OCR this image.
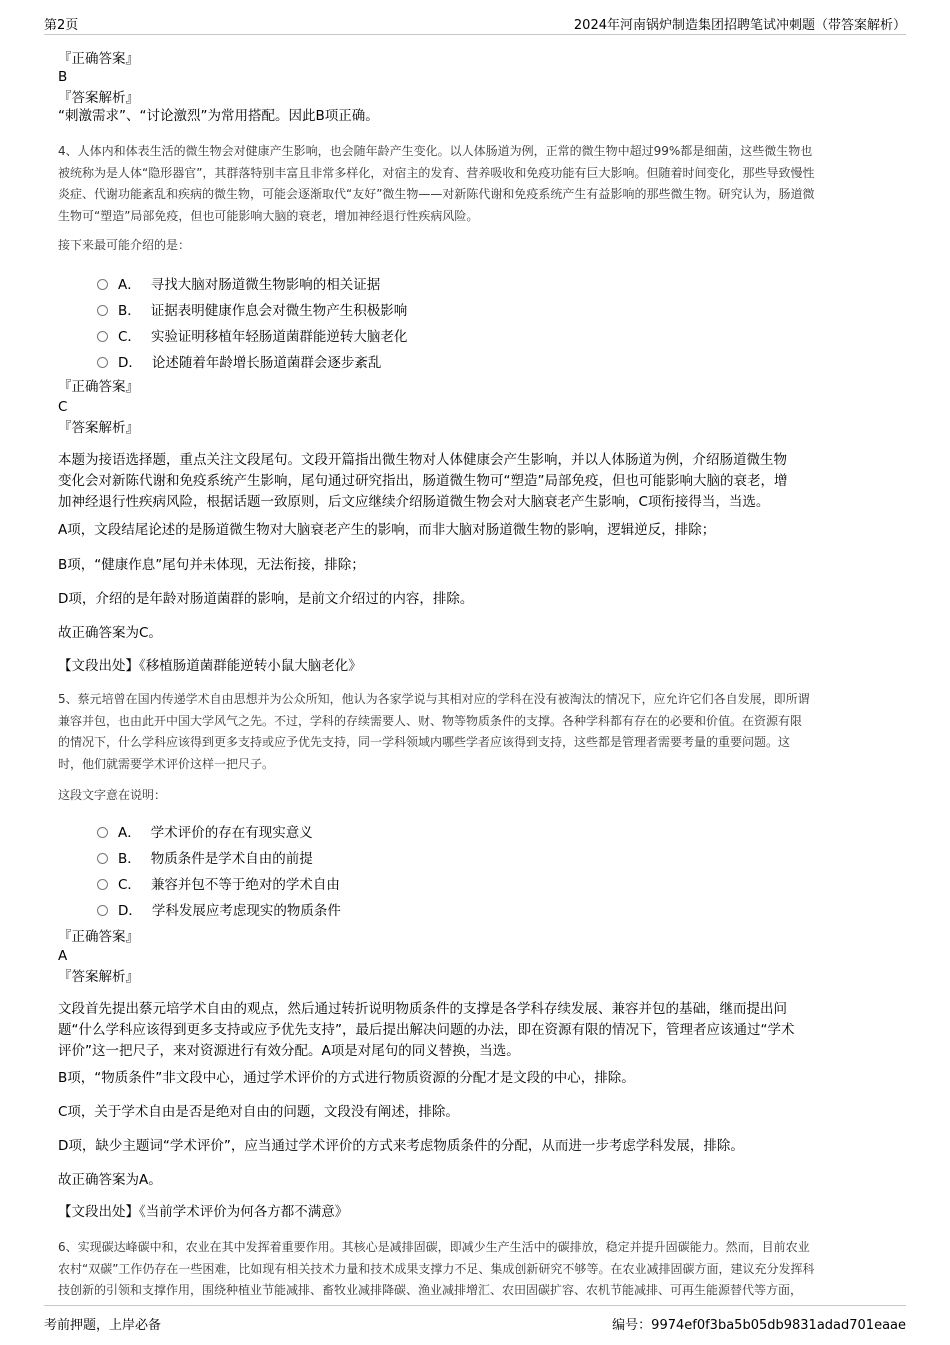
第2页	2024年河南锅炉制造集团招聘笔试冲刺题（带答案解析）
『正确答案』
B
『答案解析』
“刺激需求”、“讨论激烈”为常用搭配。因此B项正确。
4、人体内和体表生活的微生物会对健康产生影响，也会随年龄产生变化。以人体肠道为例，正常的微生物中超过99%都是细菌，这些微生物也
被统称为是人体“隐形器官”，其群落特别丰富且非常多样化，对宿主的发育、营养吸收和免疫功能有巨大影响。但随着时间变化，那些导致慢性
炎症、代谢功能紊乱和疾病的微生物，可能会逐渐取代“友好”微生物——对新陈代谢和免疫系统产生有益影响的那些微生物。研究认为，肠道微
生物可“塑造”局部免疫，但也可能影响大脑的衰老，增加神经退行性疾病风险。
接下来最可能介绍的是：
A． 寻找大脑对肠道微生物影响的相关证据
B． 证据表明健康作息会对微生物产生积极影响
C． 实验证明移植年轻肠道菌群能逆转大脑老化
D． 论述随着年龄增长肠道菌群会逐步紊乱
『正确答案』
C
『答案解析』
本题为接语选择题，重点关注文段尾句。文段开篇指出微生物对人体健康会产生影响，并以人体肠道为例，介绍肠道微生物
变化会对新陈代谢和免疫系统产生影响，尾句通过研究指出，肠道微生物可“塑造”局部免疫，但也可能影响大脑的衰老，增
加神经退行性疾病风险，根据话题一致原则，后文应继续介绍肠道微生物会对大脑衰老产生影响，C项衔接得当，当选。
A项，文段结尾论述的是肠道微生物对大脑衰老产生的影响，而非大脑对肠道微生物的影响，逻辑逆反，排除；
B项，“健康作息”尾句并未体现，无法衔接，排除；
D项，介绍的是年龄对肠道菌群的影响，是前文介绍过的内容，排除。
故正确答案为C。
【文段出处】《移植肠道菌群能逆转小鼠大脑老化》
5、蔡元培曾在国内传递学术自由思想并为公众所知，他认为各家学说与其相对应的学科在没有被淘汰的情况下，应允许它们各自发展，即所谓
兼容并包，也由此开中国大学风气之先。不过，学科的存续需要人、财、物等物质条件的支撑。各种学科都有存在的必要和价值。在资源有限
的情况下，什么学科应该得到更多支持或应予优先支持，同一学科领域内哪些学者应该得到支持，这些都是管理者需要考量的重要问题。这
时，他们就需要学术评价这样一把尺子。
这段文字意在说明：
A． 学术评价的存在有现实意义
B． 物质条件是学术自由的前提
C． 兼容并包不等于绝对的学术自由
D． 学科发展应考虑现实的物质条件
『正确答案』
A
『答案解析』
文段首先提出蔡元培学术自由的观点，然后通过转折说明物质条件的支撑是各学科存续发展、兼容并包的基础，继而提出问
题“什么学科应该得到更多支持或应予优先支持”，最后提出解决问题的办法，即在资源有限的情况下，管理者应该通过“学术
评价”这一把尺子，来对资源进行有效分配。A项是对尾句的同义替换，当选。
B项，“物质条件”非文段中心，通过学术评价的方式进行物质资源的分配才是文段的中心，排除。
C项，关于学术自由是否是绝对自由的问题，文段没有阐述，排除。
D项，缺少主题词“学术评价”，应当通过学术评价的方式来考虑物质条件的分配，从而进一步考虑学科发展，排除。
故正确答案为A。
【文段出处】《当前学术评价为何各方都不满意》
6、实现碳达峰碳中和，农业在其中发挥着重要作用。其核心是减排固碳，即减少生产生活中的碳排放，稳定并提升固碳能力。然而，目前农业
农村“双碳”工作仍存在一些困难，比如现有相关技术力量和技术成果支撑力不足、集成创新研究不够等。在农业减排固碳方面，建议充分发挥科
技创新的引领和支撑作用，围绕种植业节能减排、畜牧业减排降碳、渔业减排增汇、农田固碳扩容、农机节能减排、可再生能源替代等方面，
考前押题，上岸必备	编号：9974ef0f3ba5b05db9831adad701eaae
